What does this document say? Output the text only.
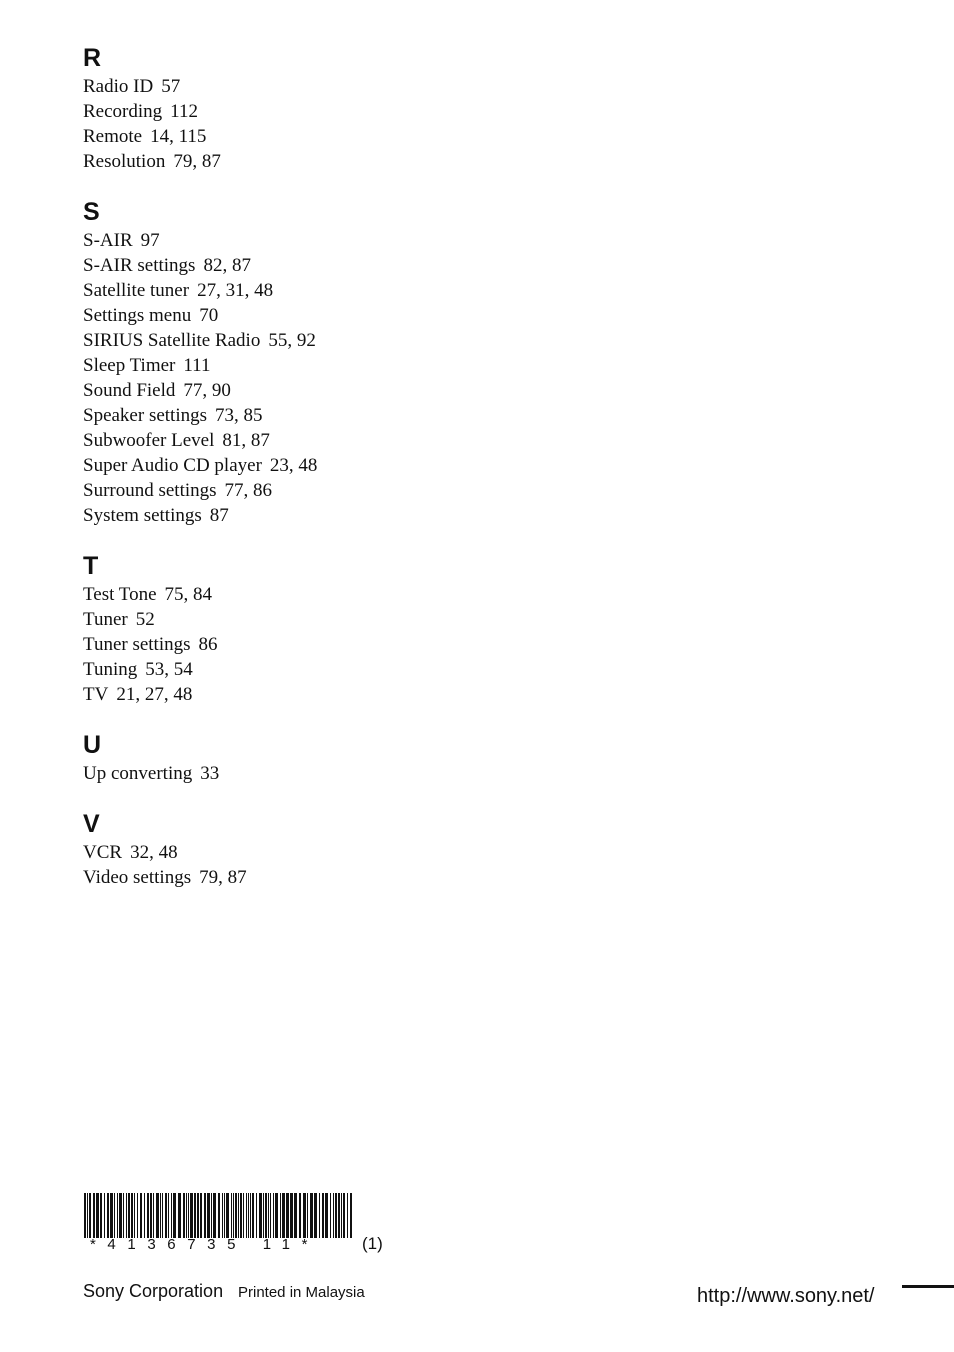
R
Radio ID 57
Recording 112
Remote 14, 115
Resolution 79, 87
S
S-AIR 97
S-AIR settings 82, 87
Satellite tuner 27, 31, 48
Settings menu 70
SIRIUS Satellite Radio 55, 92
Sleep Timer 111
Sound Field 77, 90
Speaker settings 73, 85
Subwoofer Level 81, 87
Super Audio CD player 23, 48
Surround settings 77, 86
System settings 87
T
Test Tone 75, 84
Tuner 52
Tuner settings 86
Tuning 53, 54
TV 21, 27, 48
U
Up converting 33
V
VCR 32, 48
Video settings 79, 87
*4136735 11*	(1)
Sony Corporation Printed in Malaysia	http://www.sony.net/
